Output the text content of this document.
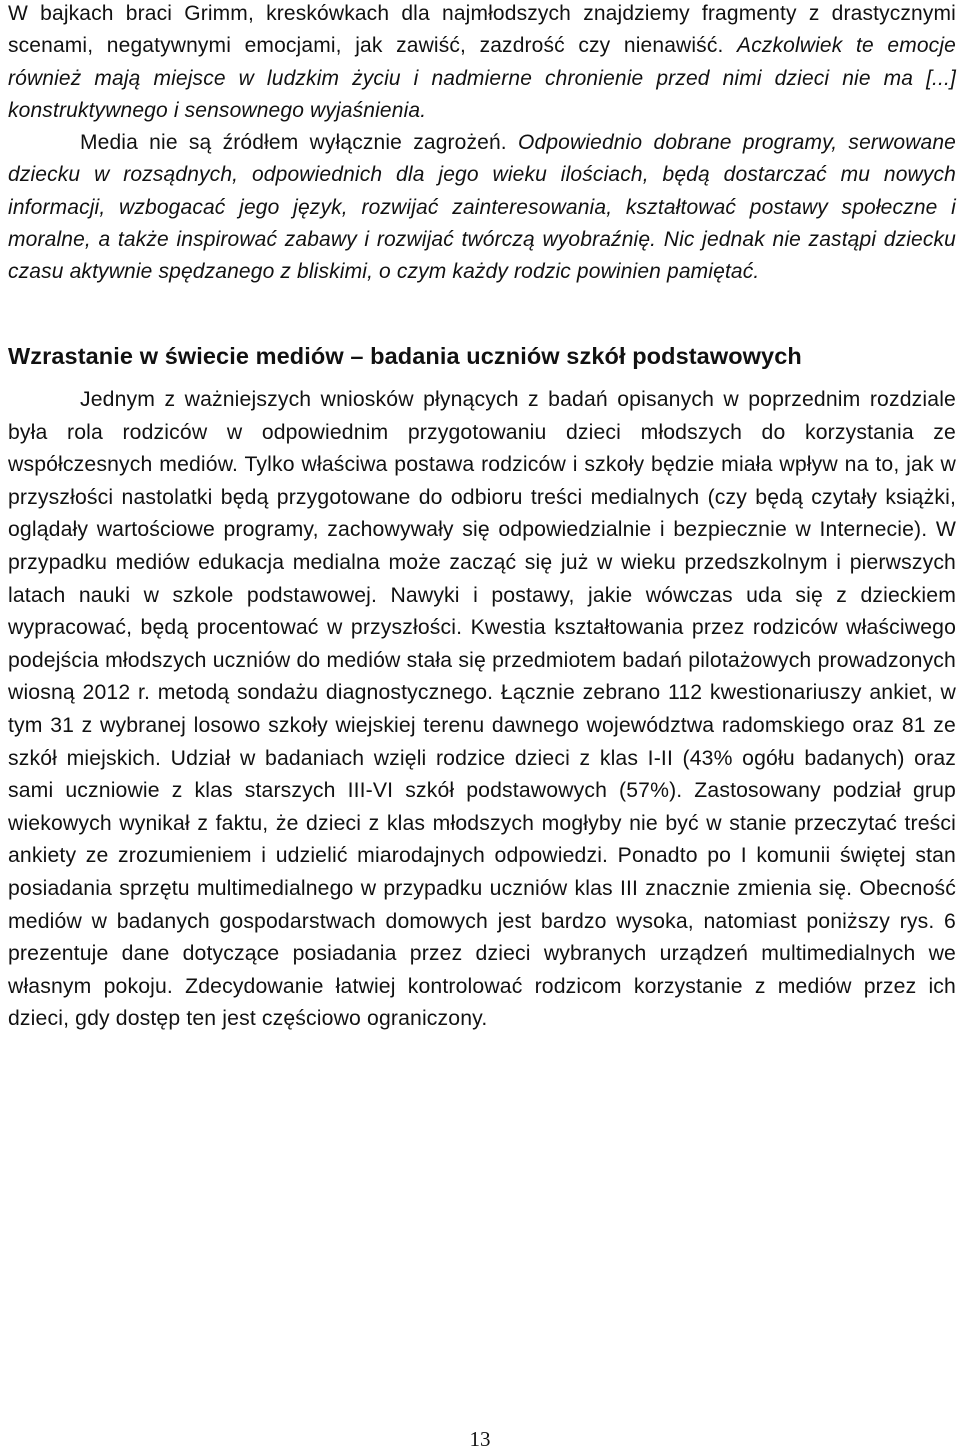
W bajkach braci Grimm, kreskówkach dla najmłodszych znajdziemy fragmenty z drastycznymi scenami, negatywnymi emocjami, jak zawiść, zazdrość czy nienawiść. Aczkolwiek te emocje również mają miejsce w ludzkim życiu i nadmierne chronienie przed nimi dzieci nie ma [...] konstruktywnego i sensownego wyjaśnienia.
Media nie są źródłem wyłącznie zagrożeń. Odpowiednio dobrane programy, serwowane dziecku w rozsądnych, odpowiednich dla jego wieku ilościach, będą dostarczać mu nowych informacji, wzbogacać jego język, rozwijać zainteresowania, kształtować postawy społeczne i moralne, a także inspirować zabawy i rozwijać twórczą wyobraźnię. Nic jednak nie zastąpi dziecku czasu aktywnie spędzanego z bliskimi, o czym każdy rodzic powinien pamiętać.

Wzrastanie w świecie mediów – badania uczniów szkół podstawowych

Jednym z ważniejszych wniosków płynących z badań opisanych w poprzednim rozdziale była rola rodziców w odpowiednim przygotowaniu dzieci młodszych do korzystania ze współczesnych mediów. Tylko właściwa postawa rodziców i szkoły będzie miała wpływ na to, jak w przyszłości nastolatki będą przygotowane do odbioru treści medialnych (czy będą czytały książki, oglądały wartościowe programy, zachowywały się odpowiedzialnie i bezpiecznie w Internecie). W przypadku mediów edukacja medialna może zacząć się już w wieku przedszkolnym i pierwszych latach nauki w szkole podstawowej. Nawyki i postawy, jakie wówczas uda się z dzieckiem wypracować, będą procentować w przyszłości. Kwestia kształtowania przez rodziców właściwego podejścia młodszych uczniów do mediów stała się przedmiotem badań pilotażowych prowadzonych wiosną 2012 r. metodą sondażu diagnostycznego. Łącznie zebrano 112 kwestionariuszy ankiet, w tym 31 z wybranej losowo szkoły wiejskiej terenu dawnego województwa radomskiego oraz 81 ze szkół miejskich. Udział w badaniach wzięli rodzice dzieci z klas I-II (43% ogółu badanych) oraz sami uczniowie z klas starszych III-VI szkół podstawowych (57%). Zastosowany podział grup wiekowych wynikał z faktu, że dzieci z klas młodszych mogłyby nie być w stanie przeczytać treści ankiety ze zrozumieniem i udzielić miarodajnych odpowiedzi. Ponadto po I komunii świętej stan posiadania sprzętu multimedialnego w przypadku uczniów klas III znacznie zmienia się. Obecność mediów w badanych gospodarstwach domowych jest bardzo wysoka, natomiast poniższy rys. 6 prezentuje dane dotyczące posiadania przez dzieci wybranych urządzeń multimedialnych we własnym pokoju. Zdecydowanie łatwiej kontrolować rodzicom korzystanie z mediów przez ich dzieci, gdy dostęp ten jest częściowo ograniczony.

13
